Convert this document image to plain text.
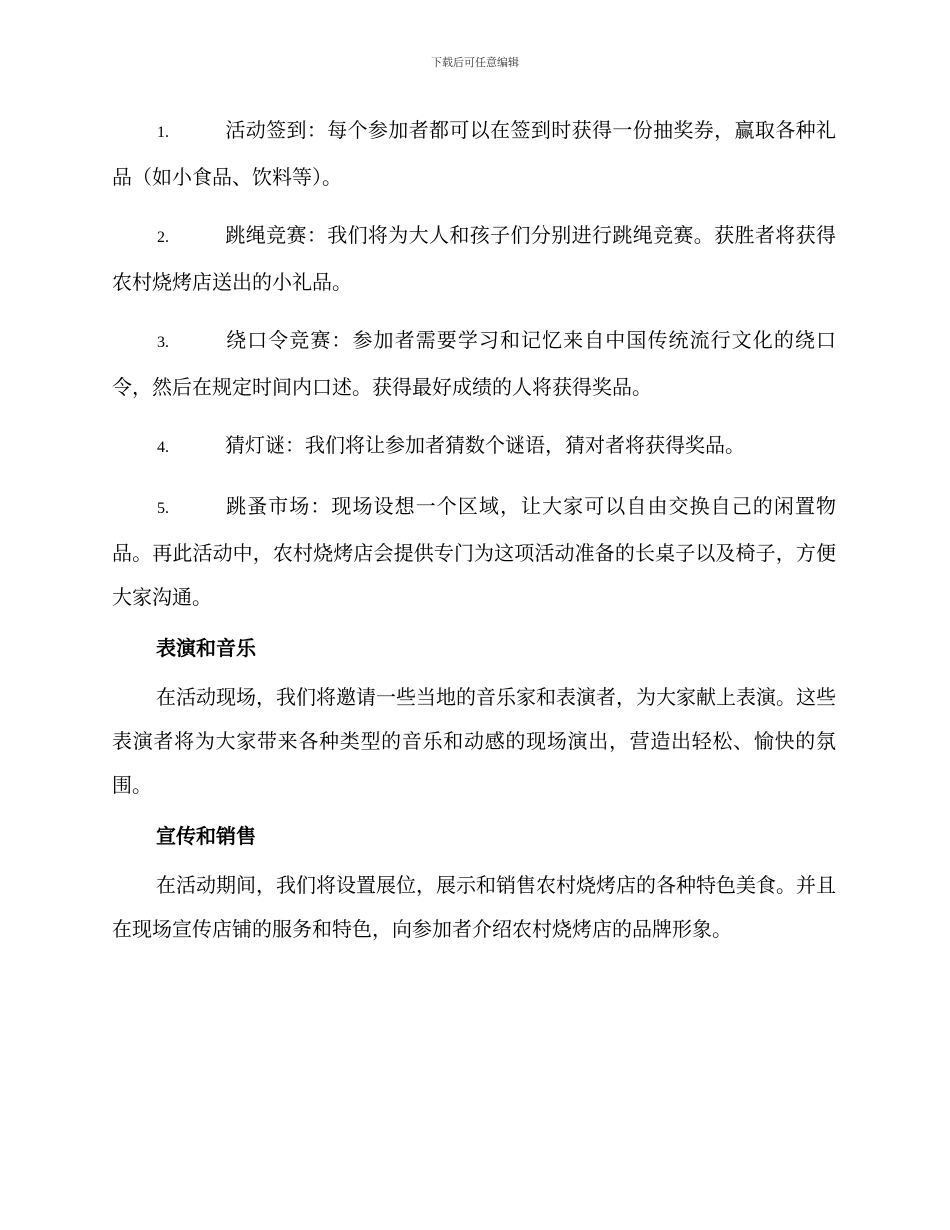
下载后可任意编辑
1.	活动签到：每个参加者都可以在签到时获得一份抽奖券，赢取各种礼品（如小食品、饮料等）。
2.	跳绳竞赛：我们将为大人和孩子们分别进行跳绳竞赛。获胜者将获得农村烧烤店送出的小礼品。
3.	绕口令竞赛：参加者需要学习和记忆来自中国传统流行文化的绕口令，然后在规定时间内口述。获得最好成绩的人将获得奖品。
4.	猜灯谜：我们将让参加者猜数个谜语，猜对者将获得奖品。
5.	跳蚤市场：现场设想一个区域，让大家可以自由交换自己的闲置物品。再此活动中，农村烧烤店会提供专门为这项活动准备的长桌子以及椅子，方便大家沟通。
表演和音乐
在活动现场，我们将邀请一些当地的音乐家和表演者，为大家献上表演。这些表演者将为大家带来各种类型的音乐和动感的现场演出，营造出轻松、愉快的氛围。
宣传和销售
在活动期间，我们将设置展位，展示和销售农村烧烤店的各种特色美食。并且在现场宣传店铺的服务和特色，向参加者介绍农村烧烤店的品牌形象。
